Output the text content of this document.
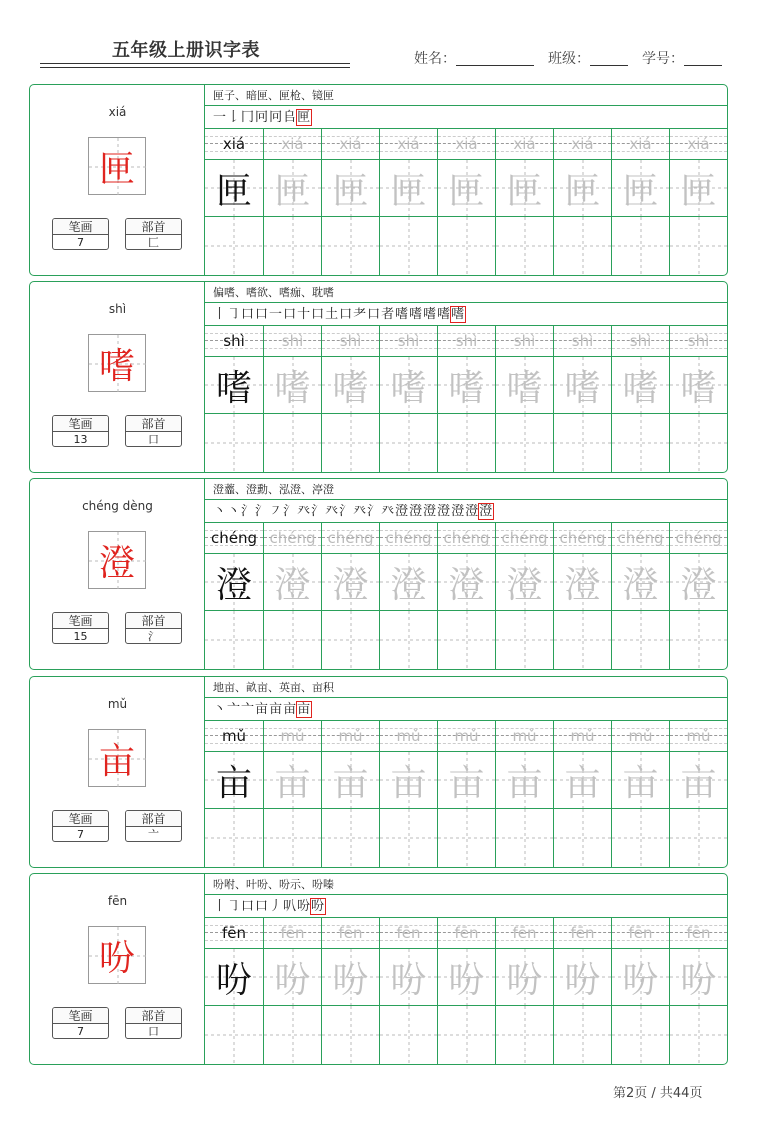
五年级上册识字表	姓名：	班级：	学号：
xiá
匣
笔画
7
部首
匚
匣子、暗匣、匣枪、镜匣
一𠄌冂冋冋𠂤匣
xiá
匣
xiá
匣
xiá
匣
xiá
匣
xiá
匣
xiá
匣
xiá
匣
xiá
匣
xiá
匣
shì
嗜
笔画
13
部首
口
偏嗜、嗜欲、嗜痂、耽嗜
丨㇆口口一口十口土口耂口者嗜嗜嗜嗜嗜
shì
嗜
shì
嗜
shì
嗜
shì
嗜
shì
嗜
shì
嗜
shì
嗜
shì
嗜
shì
嗜
chéng dèng
澄
笔画
15
部首
氵
澄虀、澄勳、泓澄、渟澄
丶丶氵氵㇇氵癶氵癶氵癶氵癶澄澄澄澄澄澄澄
chéng
澄
chéng
澄
chéng
澄
chéng
澄
chéng
澄
chéng
澄
chéng
澄
chéng
澄
chéng
澄
mǔ
亩
笔画
7
部首
亠
地亩、畝亩、英亩、亩积
丶亠亠亩亩亩亩
mǔ
亩
mǔ
亩
mǔ
亩
mǔ
亩
mǔ
亩
mǔ
亩
mǔ
亩
mǔ
亩
mǔ
亩
fēn
吩
笔画
7
部首
口
吩咐、叶吩、吩示、吩嗪
丨㇆口口丿叭吩吩
fēn
吩
fēn
吩
fēn
吩
fēn
吩
fēn
吩
fēn
吩
fēn
吩
fēn
吩
fēn
吩
第2页 / 共44页
